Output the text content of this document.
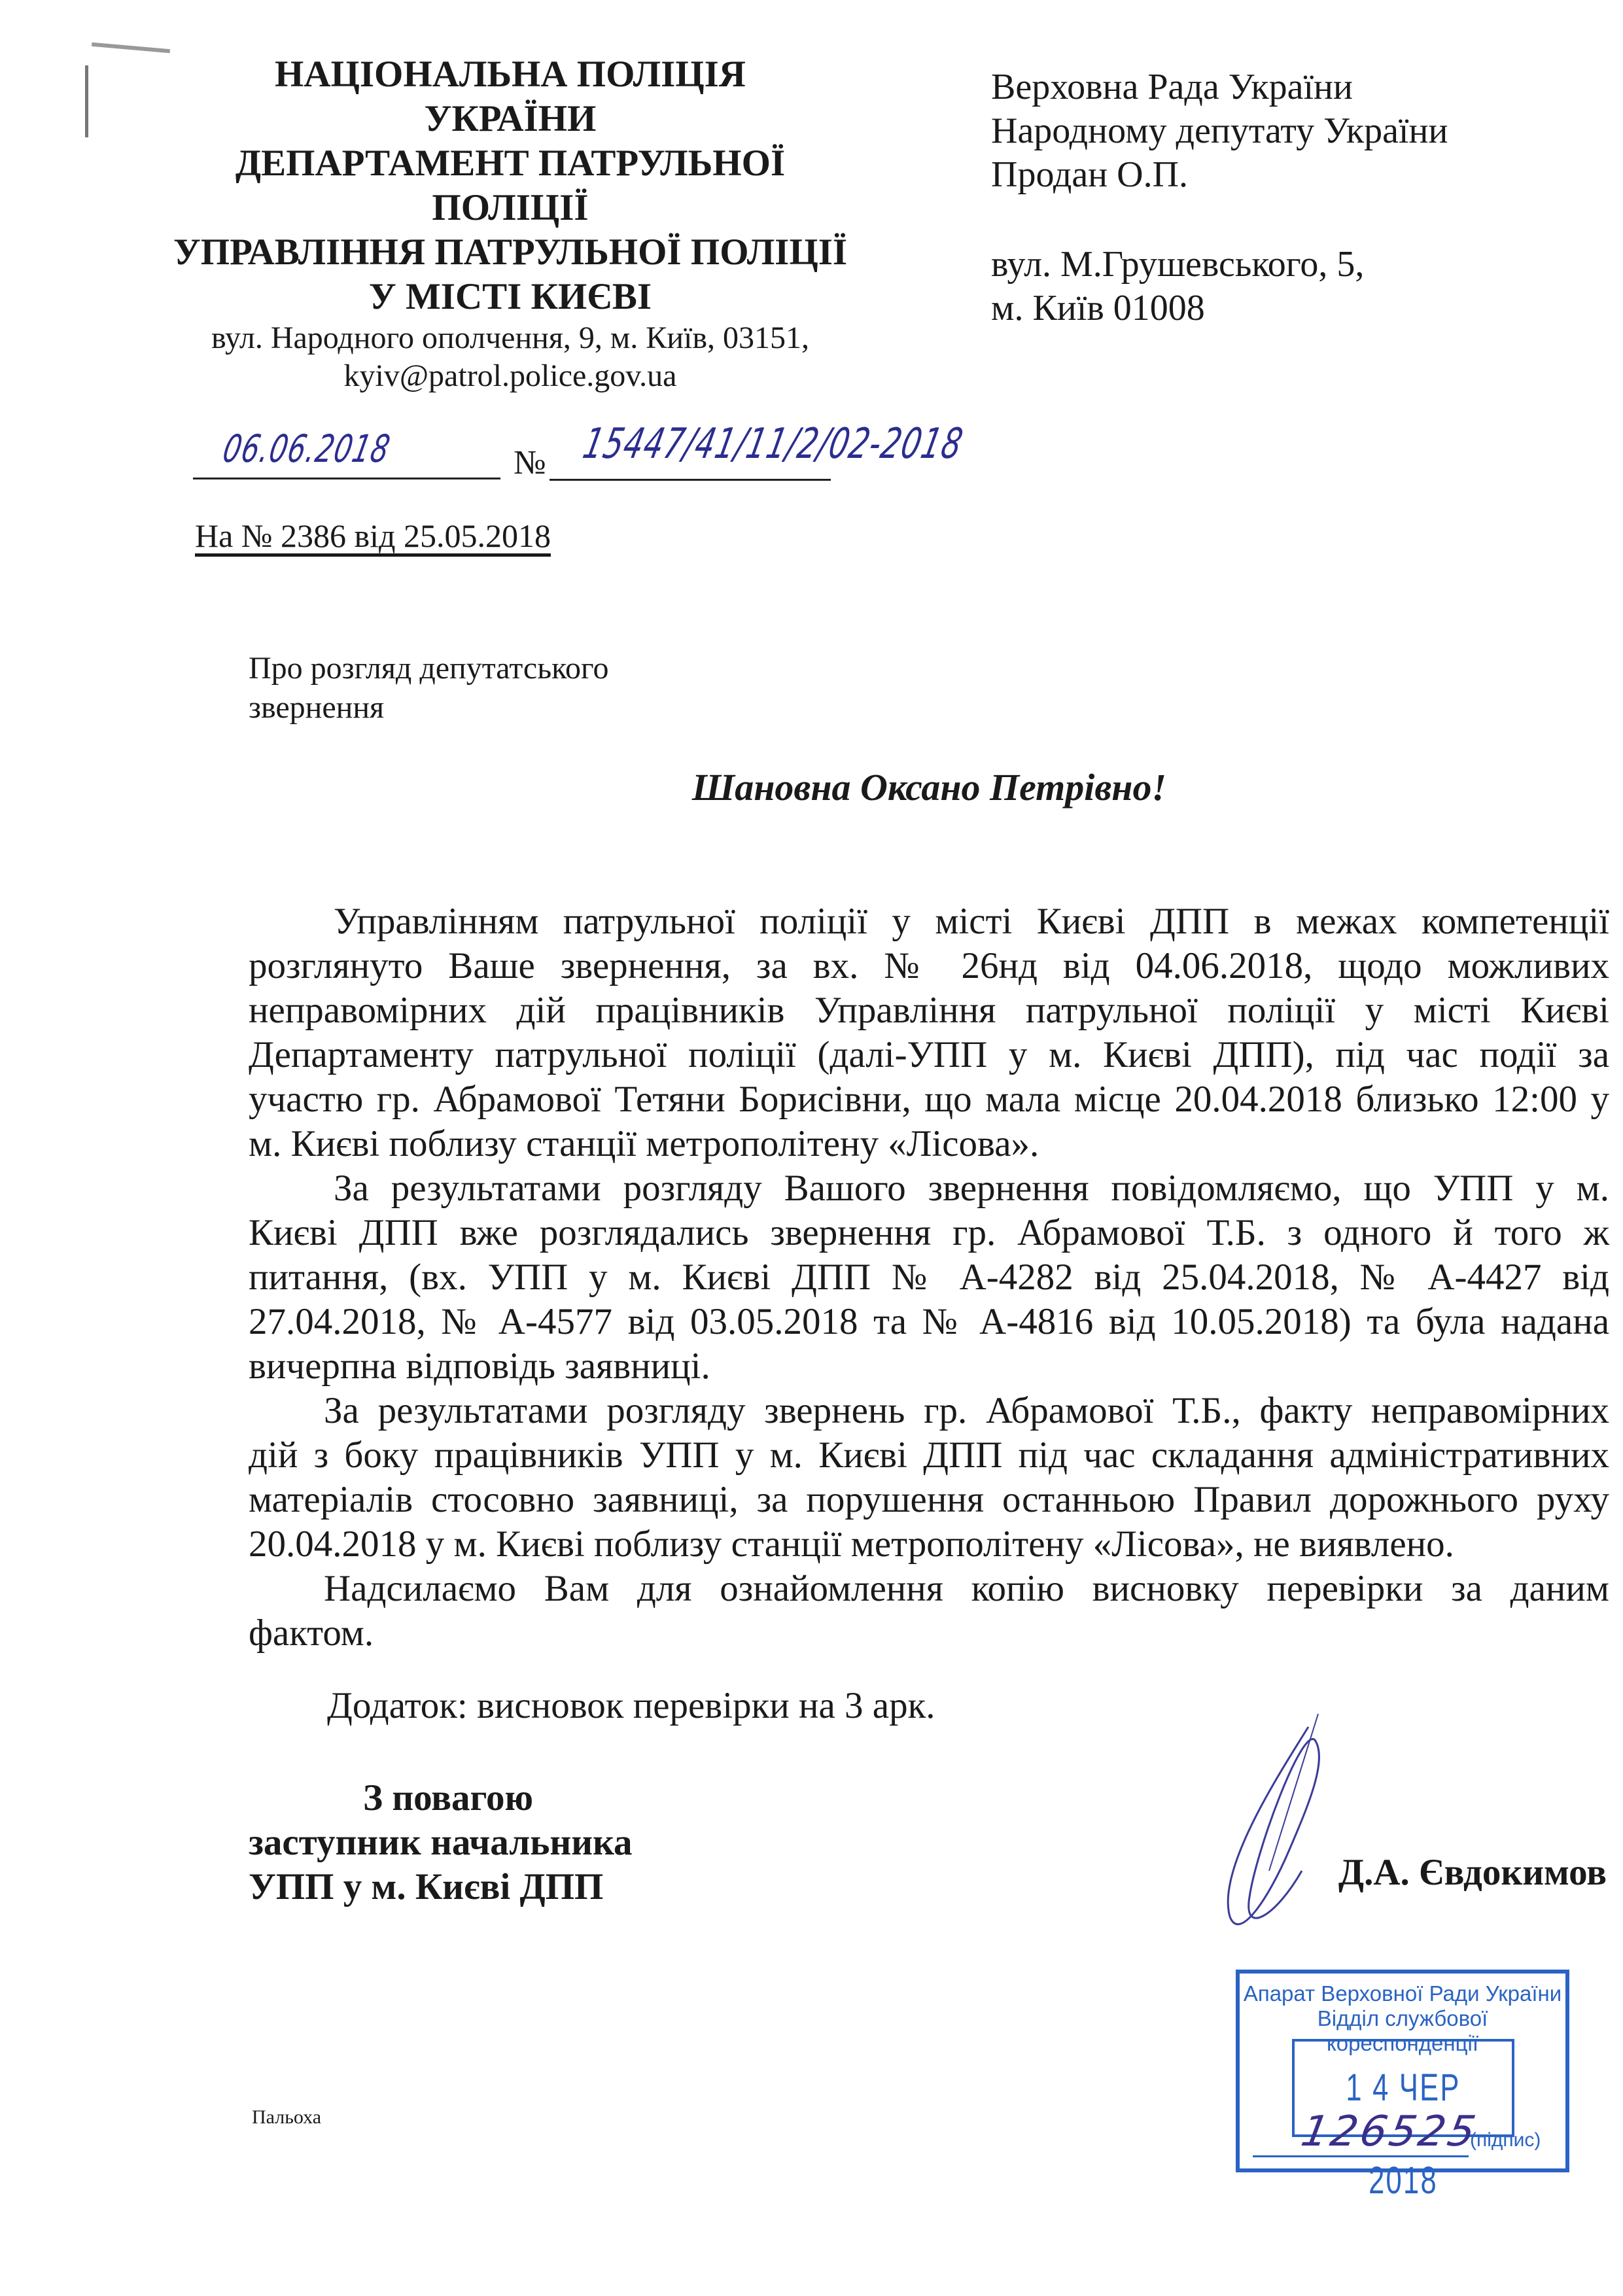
НАЦІОНАЛЬНА ПОЛІЦІЯ
УКРАЇНИ
ДЕПАРТАМЕНТ ПАТРУЛЬНОЇ
ПОЛІЦІЇ
УПРАВЛІННЯ ПАТРУЛЬНОЇ ПОЛІЦІЇ
У МІСТІ КИЄВІ
вул. Народного ополчення, 9, м. Київ, 03151,
kyiv@patrol.police.gov.ua
Верховна Рада України
Народному депутату України
Продан О.П.
вул. М.Грушевського, 5,
м. Київ 01008
06.06.2018	№ 15447/41/11/2/02-2018
На № 2386 від 25.05.2018
Про розгляд депутатського
звернення
Шановна Оксано Петрівно!
Управлінням патрульної поліції у місті Києві ДПП в межах компетенції
розглянуто Ваше звернення, за вх. № 26нд від 04.06.2018, щодо можливих
неправомірних дій працівників Управління патрульної поліції у місті Києві
Департаменту патрульної поліції (далі-УПП у м. Києві ДПП), під час події за
участю гр. Абрамової Тетяни Борисівни, що мала місце 20.04.2018 близько 12:00 у
м. Києві поблизу станції метрополітену «Лісова».
За результатами розгляду Вашого звернення повідомляємо, що УПП у м.
Києві ДПП вже розглядались звернення гр. Абрамової Т.Б. з одного й того ж
питання, (вх. УПП у м. Києві ДПП № А-4282 від 25.04.2018, № А-4427 від
27.04.2018, № А-4577 від 03.05.2018 та № А-4816 від 10.05.2018) та була надана
вичерпна відповідь заявниці.
За результатами розгляду звернень гр. Абрамової Т.Б., факту неправомірних
дій з боку працівників УПП у м. Києві ДПП під час складання адміністративних
матеріалів стосовно заявниці, за порушення останньою Правил дорожнього руху
20.04.2018 у м. Києві поблизу станції метрополітену «Лісова», не виявлено.
Надсилаємо Вам для ознайомлення копію висновку перевірки за даним
фактом.
Додаток: висновок перевірки на 3 арк.
З повагою
заступник начальника
УПП у м. Києві ДПП	Д.А. Євдокимов
Пальоха
Апарат Верховної Ради України
Відділ службової кореспонденції
1 4 ЧЕР 2018
126525
(підпис)
